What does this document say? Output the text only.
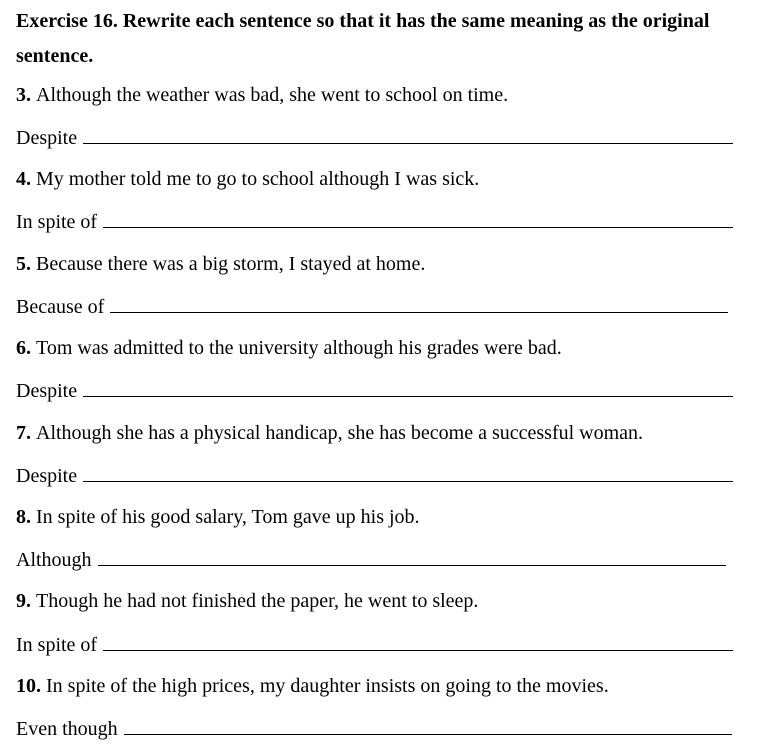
Exercise 16. Rewrite each sentence so that it has the same meaning as the original sentence.

3. Although the weather was bad, she went to school on time.
Despite
4. My mother told me to go to school although I was sick.
In spite of
5. Because there was a big storm, I stayed at home.
Because of
6. Tom was admitted to the university although his grades were bad.
Despite
7. Although she has a physical handicap, she has become a successful woman.
Despite
8. In spite of his good salary, Tom gave up his job.
Although
9. Though he had not finished the paper, he went to sleep.
In spite of
10. In spite of the high prices, my daughter insists on going to the movies.
Even though
